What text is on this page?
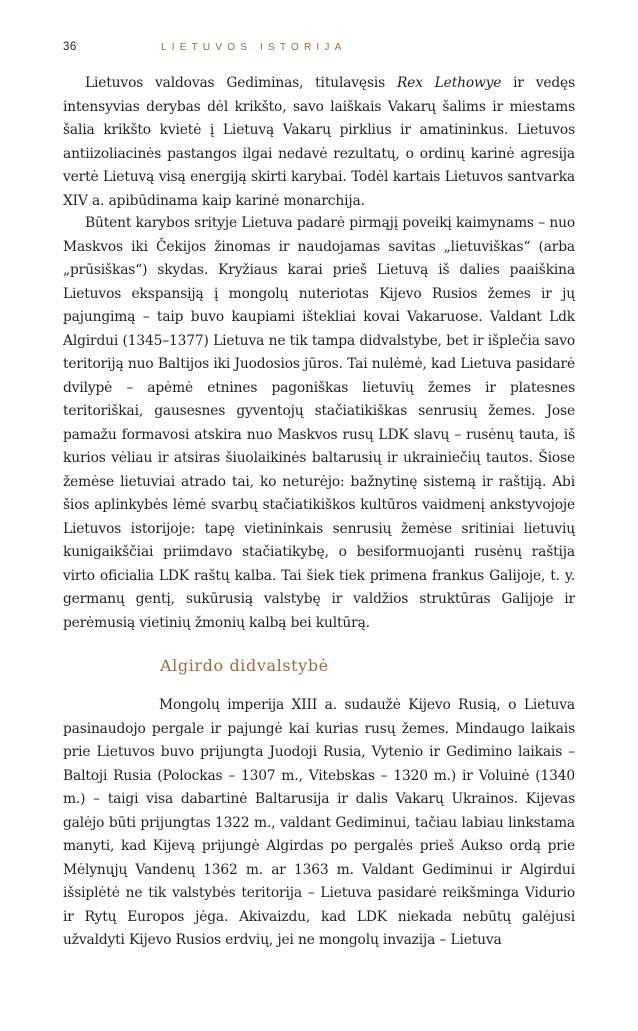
36	LIETUVOS ISTORIJA

Lietuvos valdovas Gediminas, titulavęsis Rex Lethowye ir vedęs intensyvias derybas dėl krikšto, savo laiškais Vakarų šalims ir miestams šalia krikšto kvietė į Lietuvą Vakarų pirklius ir amatininkus. Lietuvos antiizoliacinės pastangos ilgai nedavė rezultatų, o ordinų karinė agresija vertė Lietuvą visą energiją skirti karybai. Todėl kartais Lietuvos santvarka XIV a. apibūdinama kaip karinė monarchija.

Būtent karybos srityje Lietuva padarė pirmąjį poveikį kaimynams – nuo Maskvos iki Čekijos žinomas ir naudojamas savitas „lietuviškas“ (arba „prūsiškas“) skydas. Kryžiaus karai prieš Lietuvą iš dalies paaiškina Lietuvos ekspansiją į mongolų nuteriotas Kijevo Rusios žemes ir jų pajungimą – taip buvo kaupiami ištekliai kovai Vakaruose. Valdant Ldk Algirdui (1345–1377) Lietuva ne tik tampa didvalstybe, bet ir išplečia savo teritoriją nuo Baltijos iki Juodosios jūros. Tai nulėmė, kad Lietuva pasidarė dvilypė – apėmė etnines pagoniškas lietuvių žemes ir platesnes teritoriškai, gausesnes gyventojų stačiatikiškas senrusių žemes. Jose pamažu formavosi atskira nuo Maskvos rusų LDK slavų – rusėnų tauta, iš kurios vėliau ir atsiras šiuolaikinės baltarusių ir ukrainiečių tautos. Šiose žemėse lietuviai atrado tai, ko neturėjo: bažnytinę sistemą ir raštiją. Abi šios aplinkybės lėmė svarbų stačiatikiškos kultūros vaidmenį ankstyvojoje Lietuvos istorijoje: tapę vietininkais senrusių žemėse sritiniai lietuvių kunigaikščiai priimdavo stačiatikybę, o besiformuojanti rusėnų raštija virto oficialia LDK raštų kalba. Tai šiek tiek primena frankus Galijoje, t. y. germanų gentį, sukūrusią valstybę ir valdžios struktūras Galijoje ir perėmusią vietinių žmonių kalbą bei kultūrą.

Algirdo didvalstybė

Mongolų imperija XIII a. sudaužė Kijevo Rusią, o Lietuva pasinaudojo pergale ir pajungė kai kurias rusų žemes. Mindaugo laikais prie Lietuvos buvo prijungta Juodoji Rusia, Vytenio ir Gedimino laikais – Baltoji Rusia (Polockas – 1307 m., Vitebskas – 1320 m.) ir Voluinė (1340 m.) – taigi visa dabartinė Baltarusija ir dalis Vakarų Ukrainos. Kijevas galėjo būti prijungtas 1322 m., valdant Gediminui, tačiau labiau linkstama manyti, kad Kijevą prijungė Algirdas po pergalės prieš Aukso ordą prie Mėlynųjų Vandenų 1362 m. ar 1363 m. Valdant Gediminui ir Algirdui išsiplėtė ne tik valstybės teritorija – Lietuva pasidarė reikšminga Vidurio ir Rytų Europos jėga. Akivaizdu, kad LDK niekada nebūtų galėjusi užvaldyti Kijevo Rusios erdvių, jei ne mongolų invazija – Lietuva
